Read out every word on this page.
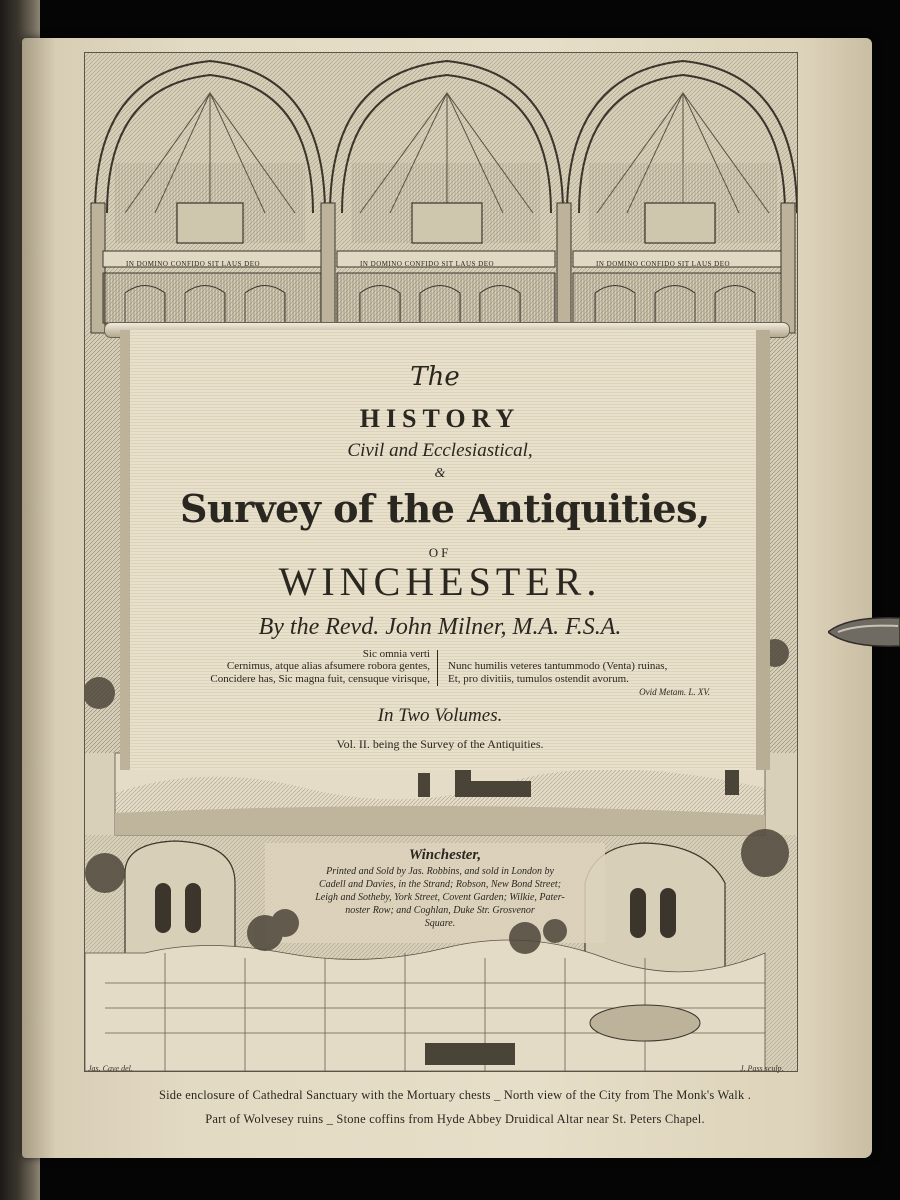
IN DOMINO CONFIDO SIT LAUS DEO	IN DOMINO CONFIDO SIT LAUS DEO	IN DOMINO CONFIDO SIT LAUS DEO
The
HISTORY
Civil and Ecclesiastical,
&
Survey of the Antiquities,
OF
WINCHESTER.
By the Revd. John Milner, M.A. F.S.A.
Sic omnia verti
Cernimus, atque alias afsumere robora gentes,
Concidere has, Sic magna fuit, censuque virisque,
Nunc humilis veteres tantummodo (Venta) ruinas,
Et, pro divitiis, tumulos ostendit avorum.
Ovid Metam. L. XV.
In Two Volumes.
Vol. II. being the Survey of the Antiquities.
Winchester,
Printed and Sold by Jas. Robbins, and sold in London by
Cadell and Davies, in the Strand; Robson, New Bond Street;
Leigh and Sotheby, York Street, Covent Garden; Wilkie, Pater-
noster Row; and Coghlan, Duke Str. Grosvenor
Square.
Jas. Cave del.	J. Pass sculp.
Side enclosure of Cathedral Sanctuary with the Mortuary chests _ North view of the City from The Monk's Walk .
Part of Wolvesey ruins _ Stone coffins from Hyde Abbey Druidical Altar near St. Peters Chapel.
